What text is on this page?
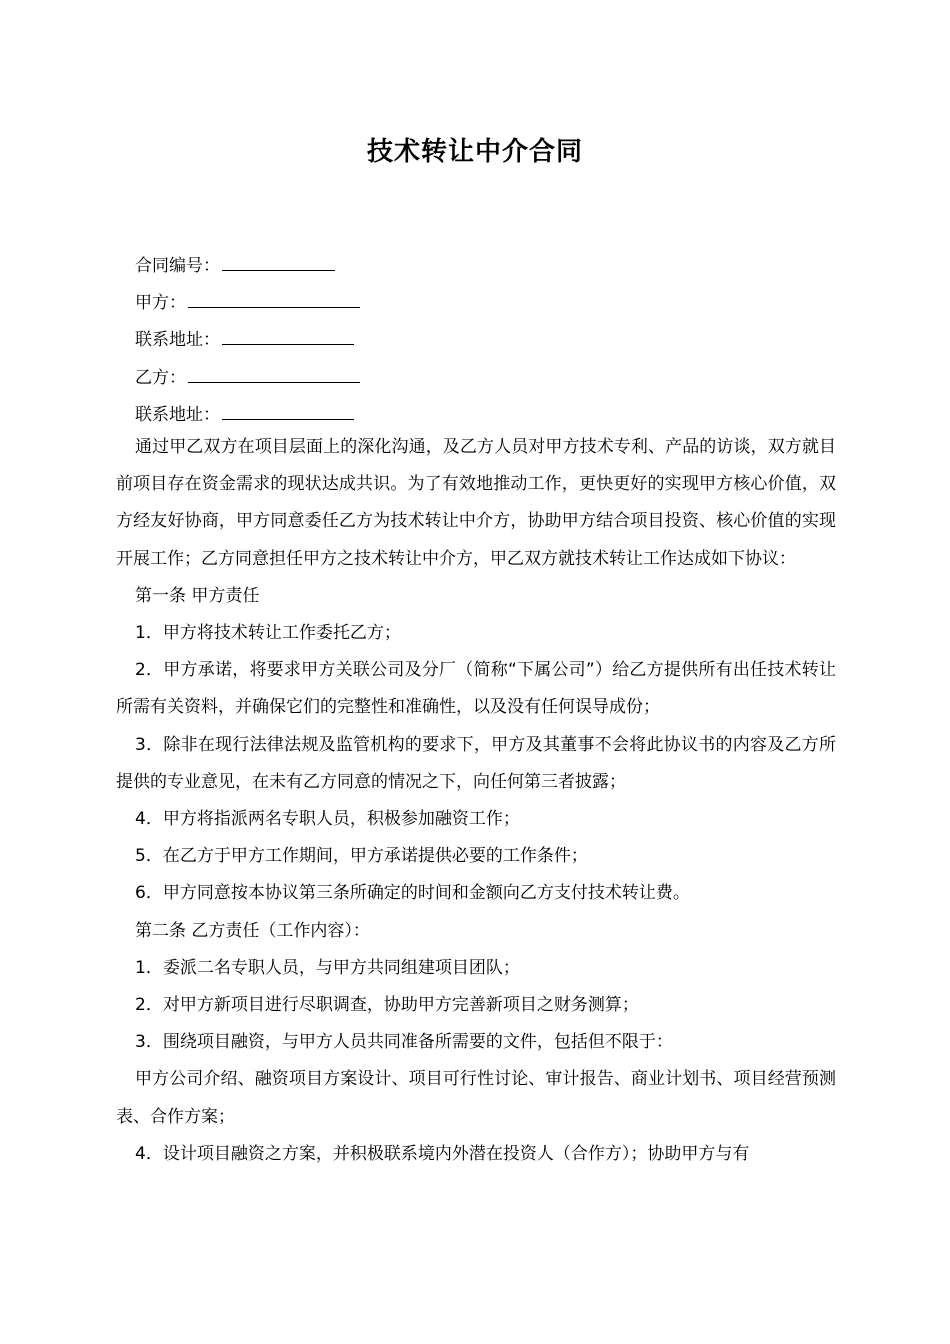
技术转让中介合同
合同编号：
甲方：
联系地址：
乙方：
联系地址：

通过甲乙双方在项目层面上的深化沟通，及乙方人员对甲方技术专利、产品的访谈，双方就目前项目存在资金需求的现状达成共识。为了有效地推动工作，更快更好的实现甲方核心价值，双方经友好协商，甲方同意委任乙方为技术转让中介方，协助甲方结合项目投资、核心价值的实现开展工作；乙方同意担任甲方之技术转让中介方，甲乙双方就技术转让工作达成如下协议：

第一条 甲方责任

1．甲方将技术转让工作委托乙方；

2．甲方承诺，将要求甲方关联公司及分厂（简称“下属公司”）给乙方提供所有出任技术转让所需有关资料，并确保它们的完整性和准确性，以及没有任何误导成份；

3．除非在现行法律法规及监管机构的要求下，甲方及其董事不会将此协议书的内容及乙方所提供的专业意见，在未有乙方同意的情况之下，向任何第三者披露；

4．甲方将指派两名专职人员，积极参加融资工作；

5．在乙方于甲方工作期间，甲方承诺提供必要的工作条件；

6．甲方同意按本协议第三条所确定的时间和金额向乙方支付技术转让费。

第二条 乙方责任（工作内容）：

1．委派二名专职人员，与甲方共同组建项目团队；

2．对甲方新项目进行尽职调查，协助甲方完善新项目之财务测算；

3．围绕项目融资，与甲方人员共同准备所需要的文件，包括但不限于：

甲方公司介绍、融资项目方案设计、项目可行性讨论、审计报告、商业计划书、项目经营预测表、合作方案；

4．设计项目融资之方案，并积极联系境内外潜在投资人（合作方）；协助甲方与有
